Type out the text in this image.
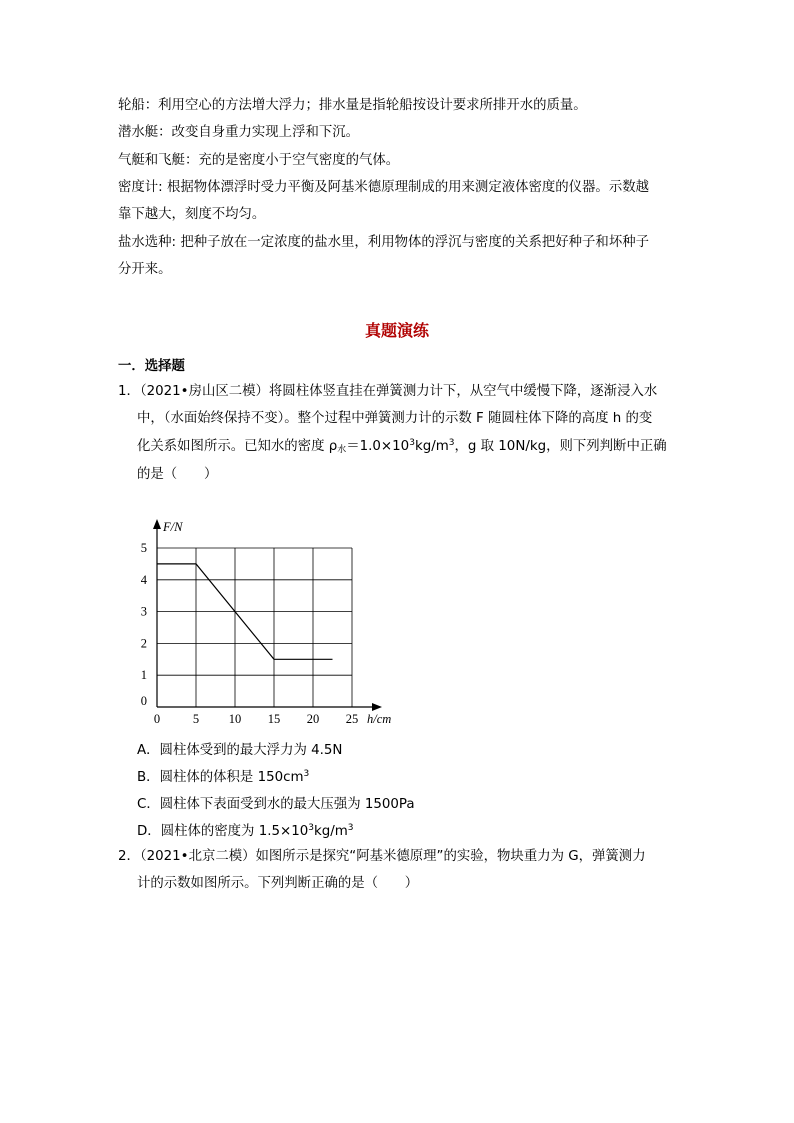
轮船：利用空心的方法增大浮力；排水量是指轮船按设计要求所排开水的质量。
潜水艇：改变自身重力实现上浮和下沉。
气艇和飞艇：充的是密度小于空气密度的气体。
密度计: 根据物体漂浮时受力平衡及阿基米德原理制成的用来测定液体密度的仪器。示数越
靠下越大，刻度不均匀。
盐水选种: 把种子放在一定浓度的盐水里，利用物体的浮沉与密度的关系把好种子和坏种子
分开来。
真题演练
一．选择题
1．（2021•房山区二模）将圆柱体竖直挂在弹簧测力计下，从空气中缓慢下降，逐渐浸入水
中，（水面始终保持不变）。整个过程中弹簧测力计的示数 F 随圆柱体下降的高度 h 的变
化关系如图所示。已知水的密度 $\rho_水=1.0\times 10^3kg/m^3$，g 取 10N/kg，则下列判断中正确
的是（　　）
0	5 10 15 20 25
0
1
2
3
4
5
F/N
h/cm
A．圆柱体受到的最大浮力为 4.5N
B．圆柱体的体积是 $150cm^3$
C．圆柱体下表面受到水的最大压强为 1500Pa
D．圆柱体的密度为 $1.5\times 10^3kg/m^3$
2．（2021•北京二模）如图所示是探究“阿基米德原理”的实验，物块重力为 G，弹簧测力
计的示数如图所示。下列判断正确的是（　　）
